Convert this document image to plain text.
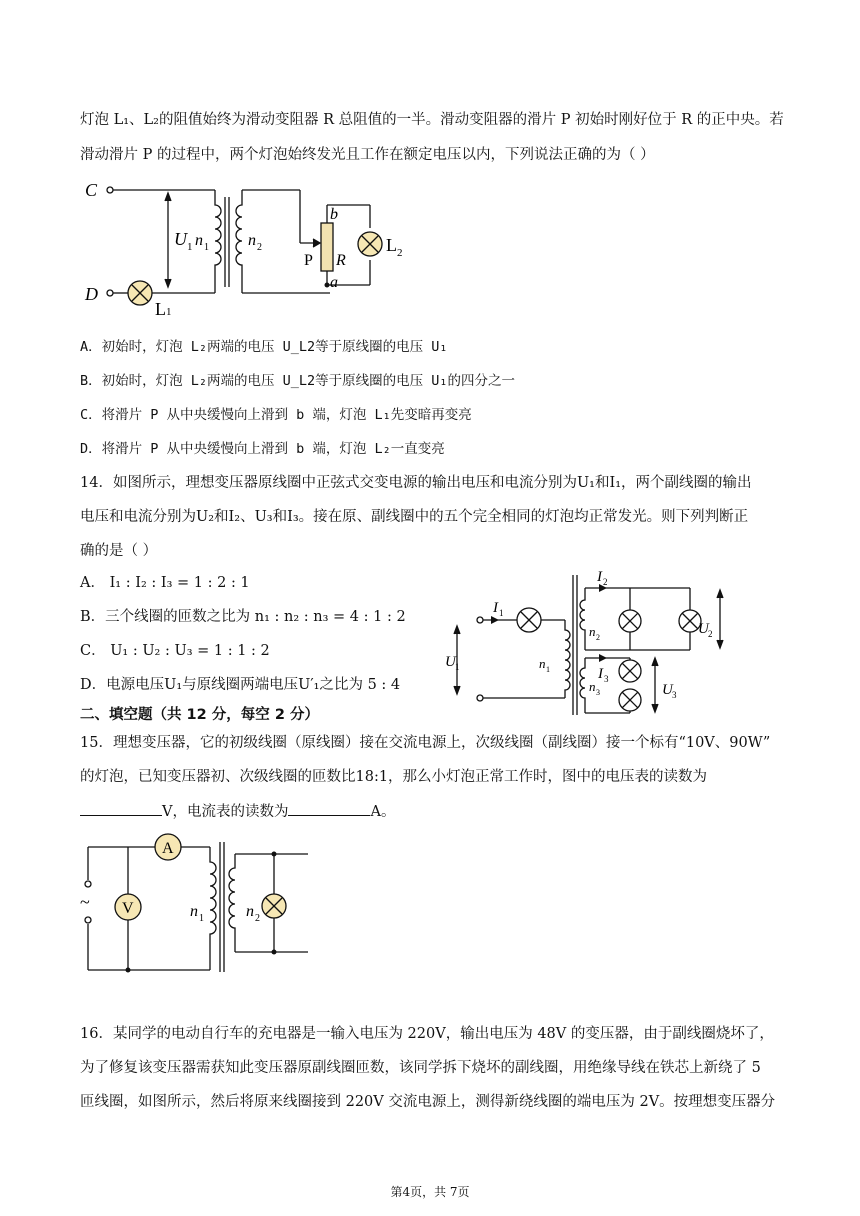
灯泡 L₁、L₂的阻值始终为滑动变阻器 R 总阻值的一半。滑动变阻器的滑片 P 初始时刚好位于 R 的正中央。若
滑动滑片 P 的过程中，两个灯泡始终发光且工作在额定电压以内，下列说法正确的为（ ）
C
D
U 1 n 1 n 2
b
P R
a
L 2
L 1
A．初始时，灯泡 L₂两端的电压 U_L2等于原线圈的电压 U₁
B．初始时，灯泡 L₂两端的电压 U_L2等于原线圈的电压 U₁的四分之一
C．将滑片 P 从中央缓慢向上滑到 b 端，灯泡 L₁先变暗再变亮
D．将滑片 P 从中央缓慢向上滑到 b 端，灯泡 L₂一直变亮
14．如图所示，理想变压器原线圈中正弦式交变电源的输出电压和电流分别为U₁和I₁，两个副线圈的输出
电压和电流分别为U₂和I₂、U₃和I₃。接在原、副线圈中的五个完全相同的灯泡均正常发光。则下列判断正
确的是（ ）
A． I₁ : I₂ : I₃ = 1 : 2 : 1
B．三个线圈的匝数之比为 n₁ : n₂ : n₃ = 4 : 1 : 2
C． U₁ : U₂ : U₃ = 1 : 1 : 2
D．电源电压U₁与原线圈两端电压U′₁之比为 5 : 4
I 1
I 2
I 3
n 1
n 2
n 3
U 1
U 2
U 3
二、填空题（共 12 分，每空 2 分）
15．理想变压器，它的初级线圈（原线圈）接在交流电源上，次级线圈（副线圈）接一个标有“10V、90W”
的灯泡，已知变压器初、次级线圈的匝数比18:1，那么小灯泡正常工作时，图中的电压表的读数为
V，电流表的读数为	A。
A
V
~	n 1	n 2
16．某同学的电动自行车的充电器是一输入电压为 220V，输出电压为 48V 的变压器，由于副线圈烧坏了，
为了修复该变压器需获知此变压器原副线圈匝数，该同学拆下烧坏的副线圈，用绝缘导线在铁芯上新绕了 5
匝线圈，如图所示，然后将原来线圈接到 220V 交流电源上，测得新绕线圈的端电压为 2V。按理想变压器分
第4页，共 7页
